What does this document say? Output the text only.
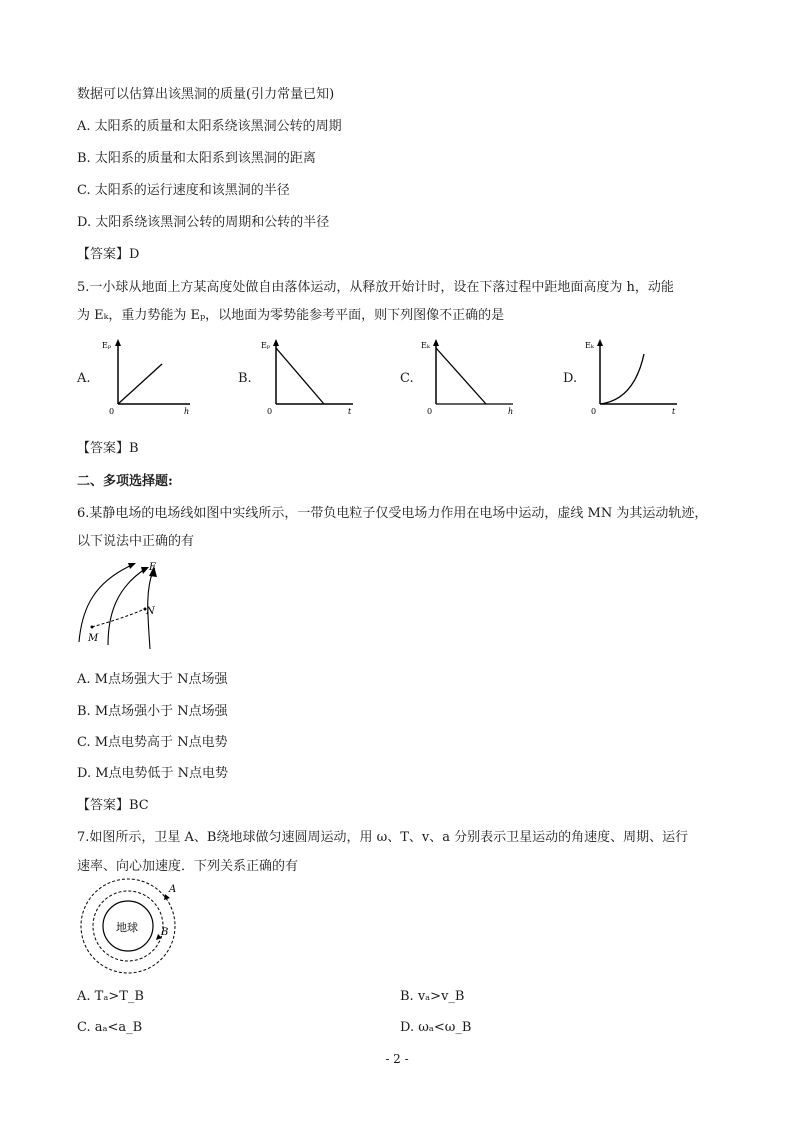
数据可以估算出该黑洞的质量(引力常量已知)
A. 太阳系的质量和太阳系绕该黑洞公转的周期
B. 太阳系的质量和太阳系到该黑洞的距离
C. 太阳系的运行速度和该黑洞的半径
D. 太阳系绕该黑洞公转的周期和公转的半径
【答案】D
5.一小球从地面上方某高度处做自由落体运动，从释放开始计时，设在下落过程中距地面高度为 h，动能
为 Eₖ，重力势能为 Eₚ，以地面为零势能参考平面，则下列图像不正确的是
A.
Eₚ
0	h
B.
Eₚ
0	t
C.
Eₖ
0	h
D.
Eₖ
0	t
【答案】B
二、多项选择题:
6.某静电场的电场线如图中实线所示，一带负电粒子仅受电场力作用在电场中运动，虚线 MN 为其运动轨迹，
以下说法中正确的有
E
M
N
A. M点场强大于 N点场强
B. M点场强小于 N点场强
C. M点电势高于 N点电势
D. M点电势低于 N点电势
【答案】BC
7.如图所示，卫星 A、B绕地球做匀速圆周运动，用 ω、T、v、a 分别表示卫星运动的角速度、周期、运行
速率、向心加速度．下列关系正确的有
地球
A
B
A. Tₐ>T_B	B. vₐ>v_B
C. aₐ<a_B	D. ωₐ<ω_B
- 2 -
